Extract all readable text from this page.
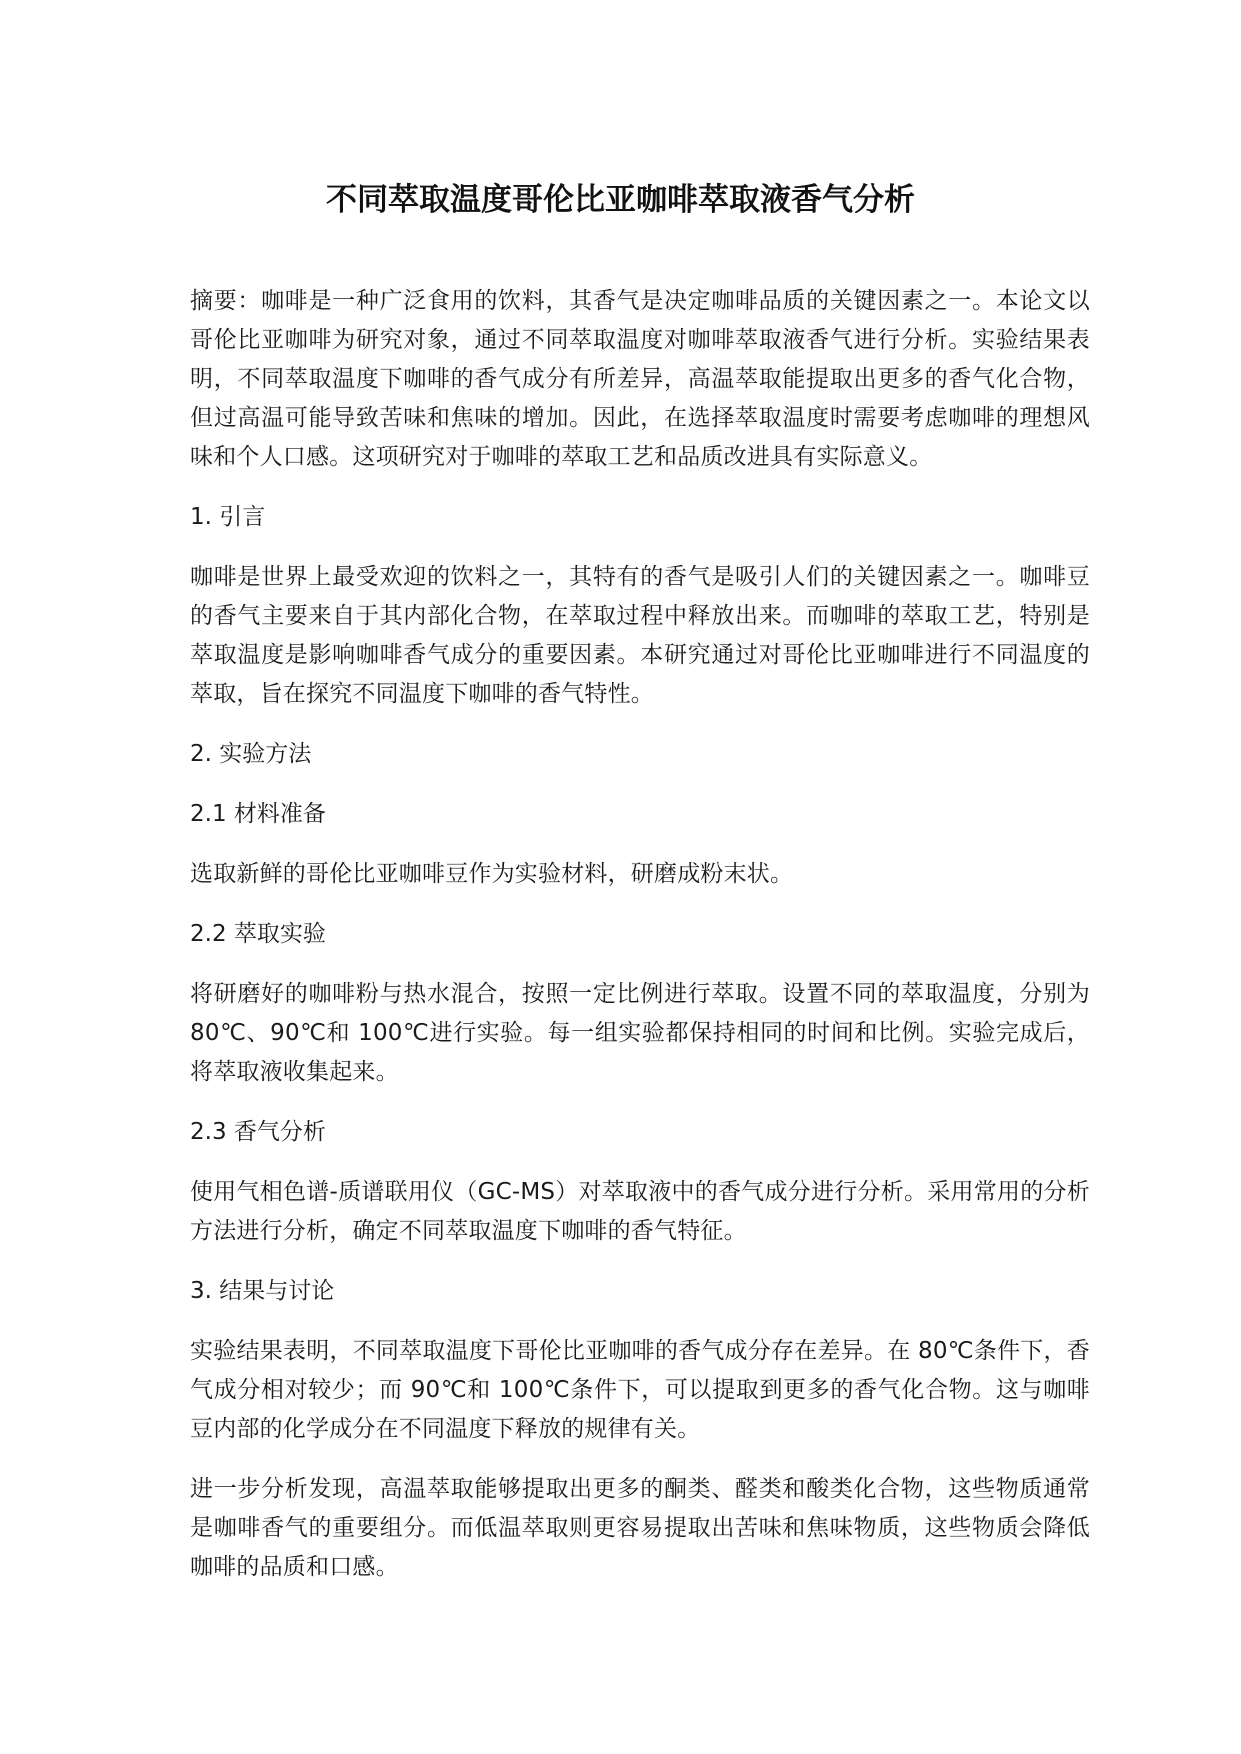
不同萃取温度哥伦比亚咖啡萃取液香气分析

摘要：咖啡是一种广泛食用的饮料，其香气是决定咖啡品质的关键因素之一。本论文以哥伦比亚咖啡为研究对象，通过不同萃取温度对咖啡萃取液香气进行分析。实验结果表明，不同萃取温度下咖啡的香气成分有所差异，高温萃取能提取出更多的香气化合物，但过高温可能导致苦味和焦味的增加。因此，在选择萃取温度时需要考虑咖啡的理想风味和个人口感。这项研究对于咖啡的萃取工艺和品质改进具有实际意义。

1. 引言

咖啡是世界上最受欢迎的饮料之一，其特有的香气是吸引人们的关键因素之一。咖啡豆的香气主要来自于其内部化合物，在萃取过程中释放出来。而咖啡的萃取工艺，特别是萃取温度是影响咖啡香气成分的重要因素。本研究通过对哥伦比亚咖啡进行不同温度的萃取，旨在探究不同温度下咖啡的香气特性。

2. 实验方法

2.1 材料准备

选取新鲜的哥伦比亚咖啡豆作为实验材料，研磨成粉末状。

2.2 萃取实验

将研磨好的咖啡粉与热水混合，按照一定比例进行萃取。设置不同的萃取温度，分别为 80℃、90℃和 100℃进行实验。每一组实验都保持相同的时间和比例。实验完成后，将萃取液收集起来。

2.3 香气分析

使用气相色谱-质谱联用仪（GC-MS）对萃取液中的香气成分进行分析。采用常用的分析方法进行分析，确定不同萃取温度下咖啡的香气特征。

3. 结果与讨论

实验结果表明，不同萃取温度下哥伦比亚咖啡的香气成分存在差异。在 80℃条件下，香气成分相对较少；而 90℃和 100℃条件下，可以提取到更多的香气化合物。这与咖啡豆内部的化学成分在不同温度下释放的规律有关。

进一步分析发现，高温萃取能够提取出更多的酮类、醛类和酸类化合物，这些物质通常是咖啡香气的重要组分。而低温萃取则更容易提取出苦味和焦味物质，这些物质会降低咖啡的品质和口感。
